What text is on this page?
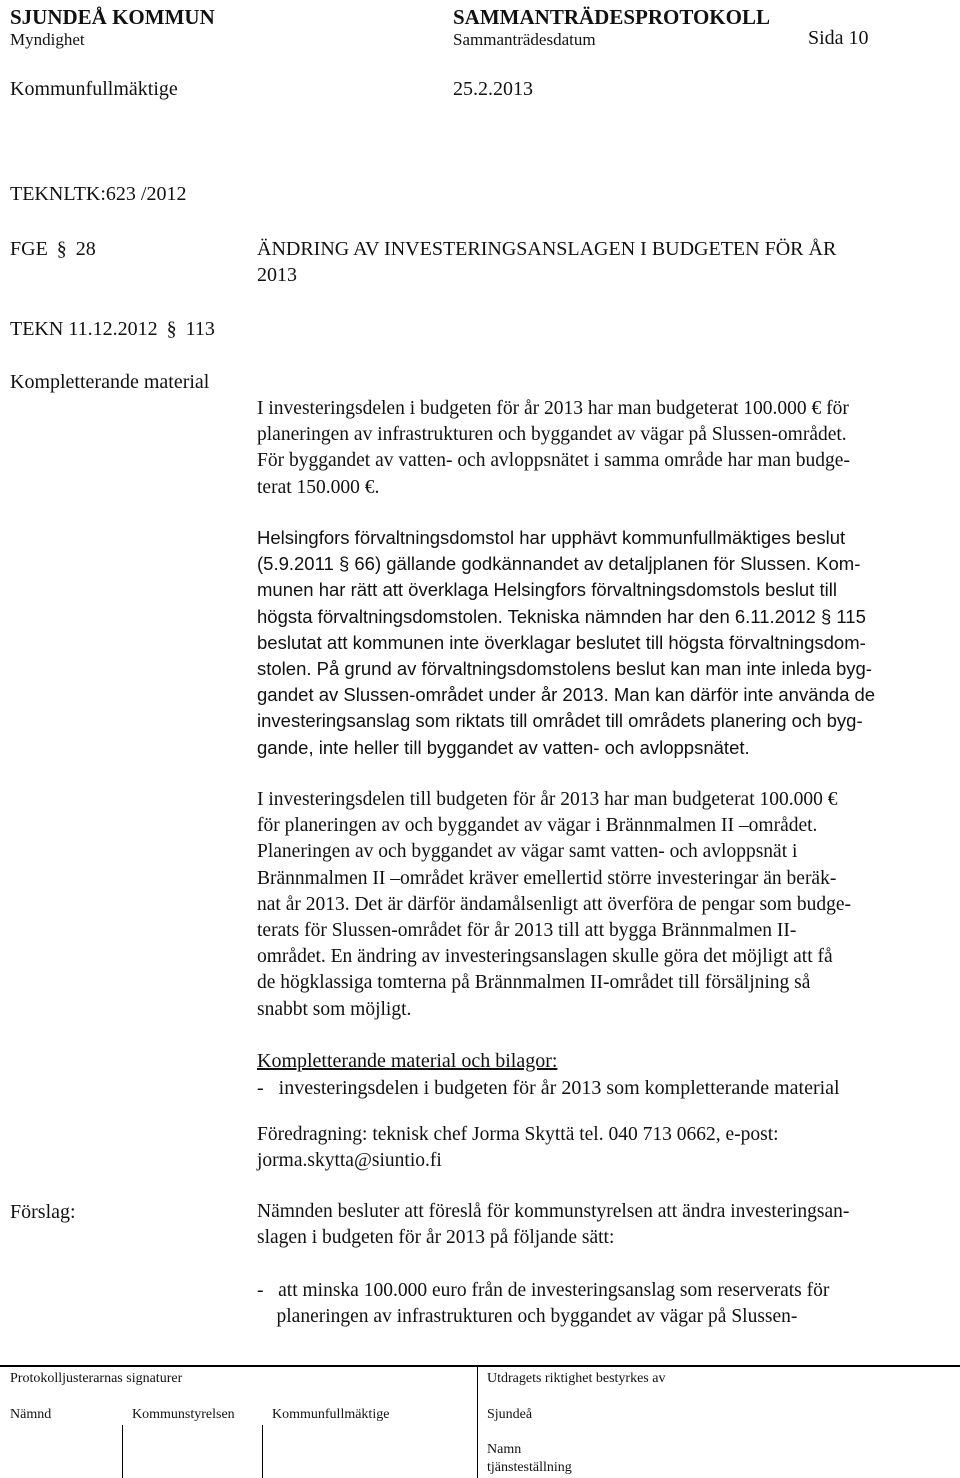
SJUNDEÅ KOMMUN	SAMMANTRÄDESPROTOKOLL
Myndighet	Sammanträdesdatum	Sida 10
Kommunfullmäktige	25.2.2013
TEKNLTK:623 /2012
FGE § 28	ÄNDRING AV INVESTERINGSANSLAGEN I BUDGETEN FÖR ÅR
2013
TEKN 11.12.2012 § 113
Kompletterande material
I investeringsdelen i budgeten för år 2013 har man budgeterat 100.000 € för
planeringen av infrastrukturen och byggandet av vägar på Slussen-området.
För byggandet av vatten- och avloppsnätet i samma område har man budge-
terat 150.000 €.
Helsingfors förvaltningsdomstol har upphävt kommunfullmäktiges beslut
(5.9.2011 § 66) gällande godkännandet av detaljplanen för Slussen. Kom-
munen har rätt att överklaga Helsingfors förvaltningsdomstols beslut till
högsta förvaltningsdomstolen. Tekniska nämnden har den 6.11.2012 § 115
beslutat att kommunen inte överklagar beslutet till högsta förvaltningsdom-
stolen. På grund av förvaltningsdomstolens beslut kan man inte inleda byg-
gandet av Slussen-området under år 2013. Man kan därför inte använda de
investeringsanslag som riktats till området till områdets planering och byg-
gande, inte heller till byggandet av vatten- och avloppsnätet.
I investeringsdelen till budgeten för år 2013 har man budgeterat 100.000 €
för planeringen av och byggandet av vägar i Brännmalmen II –området.
Planeringen av och byggandet av vägar samt vatten- och avloppsnät i
Brännmalmen II –området kräver emellertid större investeringar än beräk-
nat år 2013. Det är därför ändamålsenligt att överföra de pengar som budge-
terats för Slussen-området för år 2013 till att bygga Brännmalmen II-
området. En ändring av investeringsanslagen skulle göra det möjligt att få
de högklassiga tomterna på Brännmalmen II-området till försäljning så
snabbt som möjligt.
Kompletterande material och bilagor:
-   investeringsdelen i budgeten för år 2013 som kompletterande material
Föredragning: teknisk chef Jorma Skyttä tel. 040 713 0662, e-post:
jorma.skytta@siuntio.fi
Förslag:	Nämnden besluter att föreslå för kommunstyrelsen att ändra investeringsan-
slagen i budgeten för år 2013 på följande sätt:
-   att minska 100.000 euro från de investeringsanslag som reserverats för
planeringen av infrastrukturen och byggandet av vägar på Slussen-
Protokolljusterarnas signaturer	Utdragets riktighet bestyrkes av
Nämnd	Kommunstyrelsen	Kommunfullmäktige	Sjundeå
Namn
tjänsteställning
